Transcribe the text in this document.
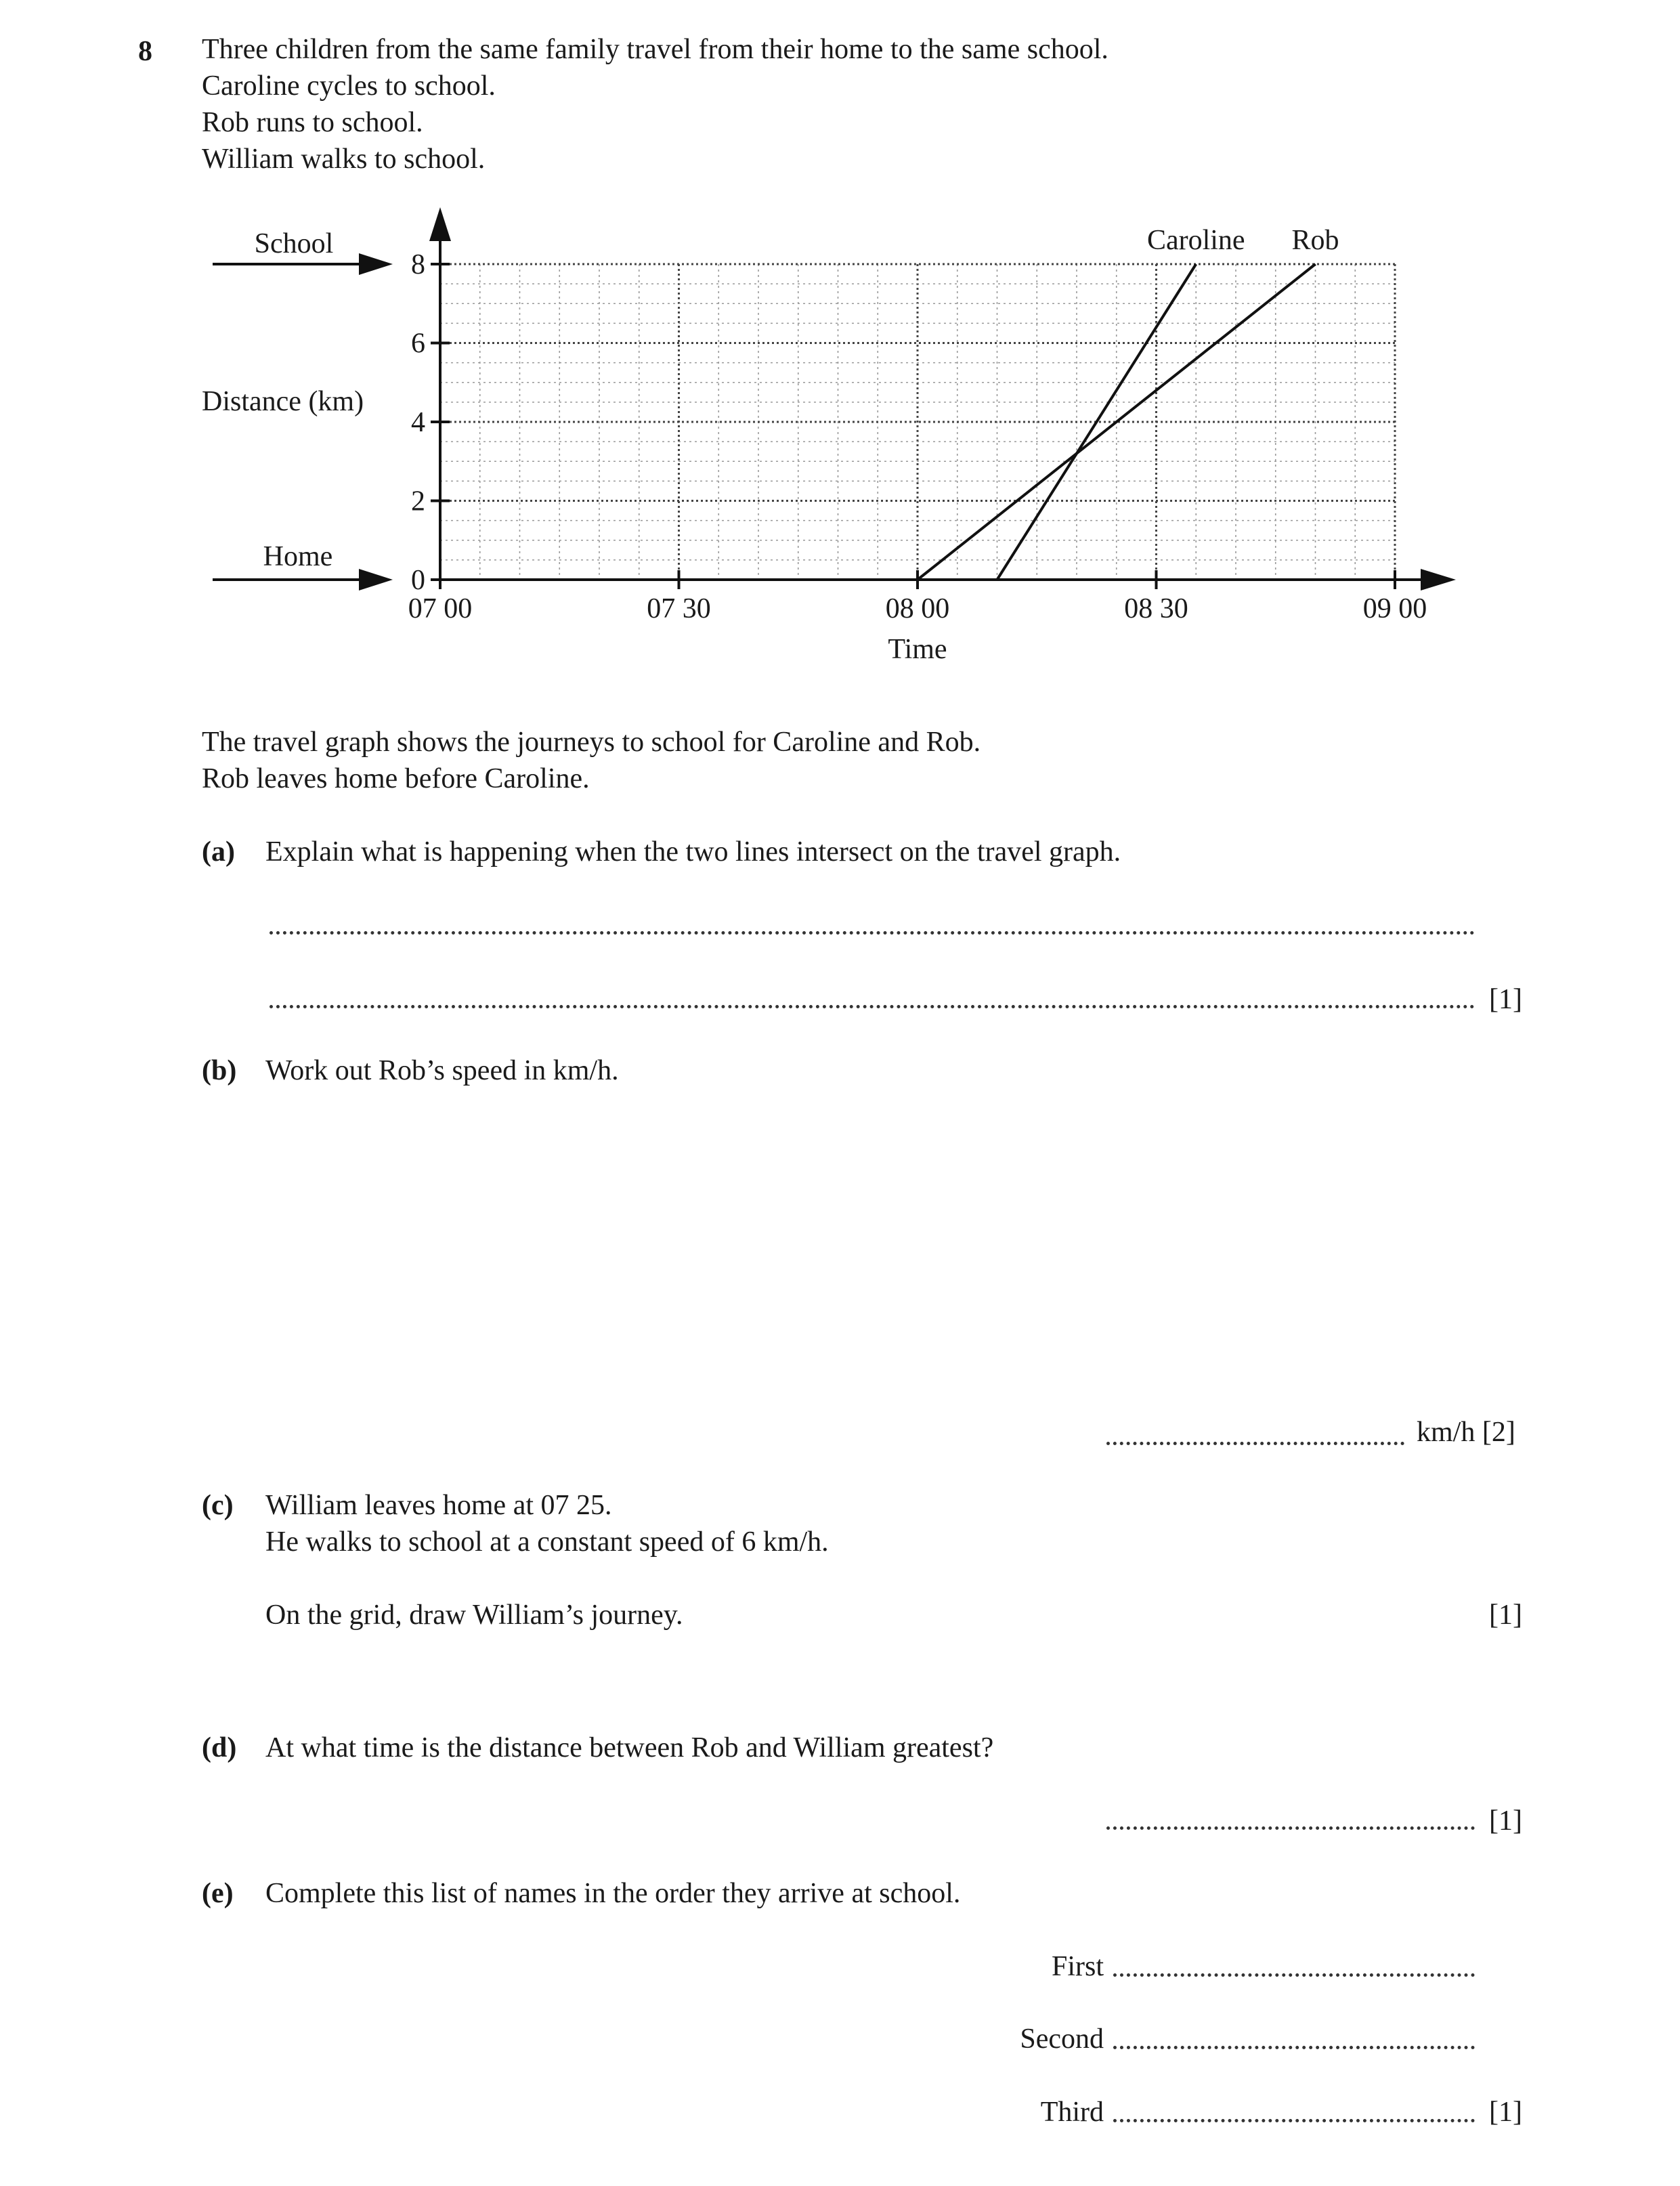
8 Three children from the same family travel from their home to the same school.
Caroline cycles to school.
Rob runs to school.
William walks to school.
0
2
4
6
8
07 00	07 30	08 00	08 30	09 00
Caroline Rob
School
Home
Distance (km)
Time
The travel graph shows the journeys to school for Caroline and Rob.
Rob leaves home before Caroline.
(a) Explain what is happening when the two lines intersect on the travel graph.
[1]
(b) Work out Rob’s speed in km/h.
km/h [2]
(c) William leaves home at 07 25.
He walks to school at a constant speed of 6 km/h.
On the grid, draw William’s journey.	[1]
(d) At what time is the distance between Rob and William greatest?
[1]
(e) Complete this list of names in the order they arrive at school.
First
Second
Third	[1]
